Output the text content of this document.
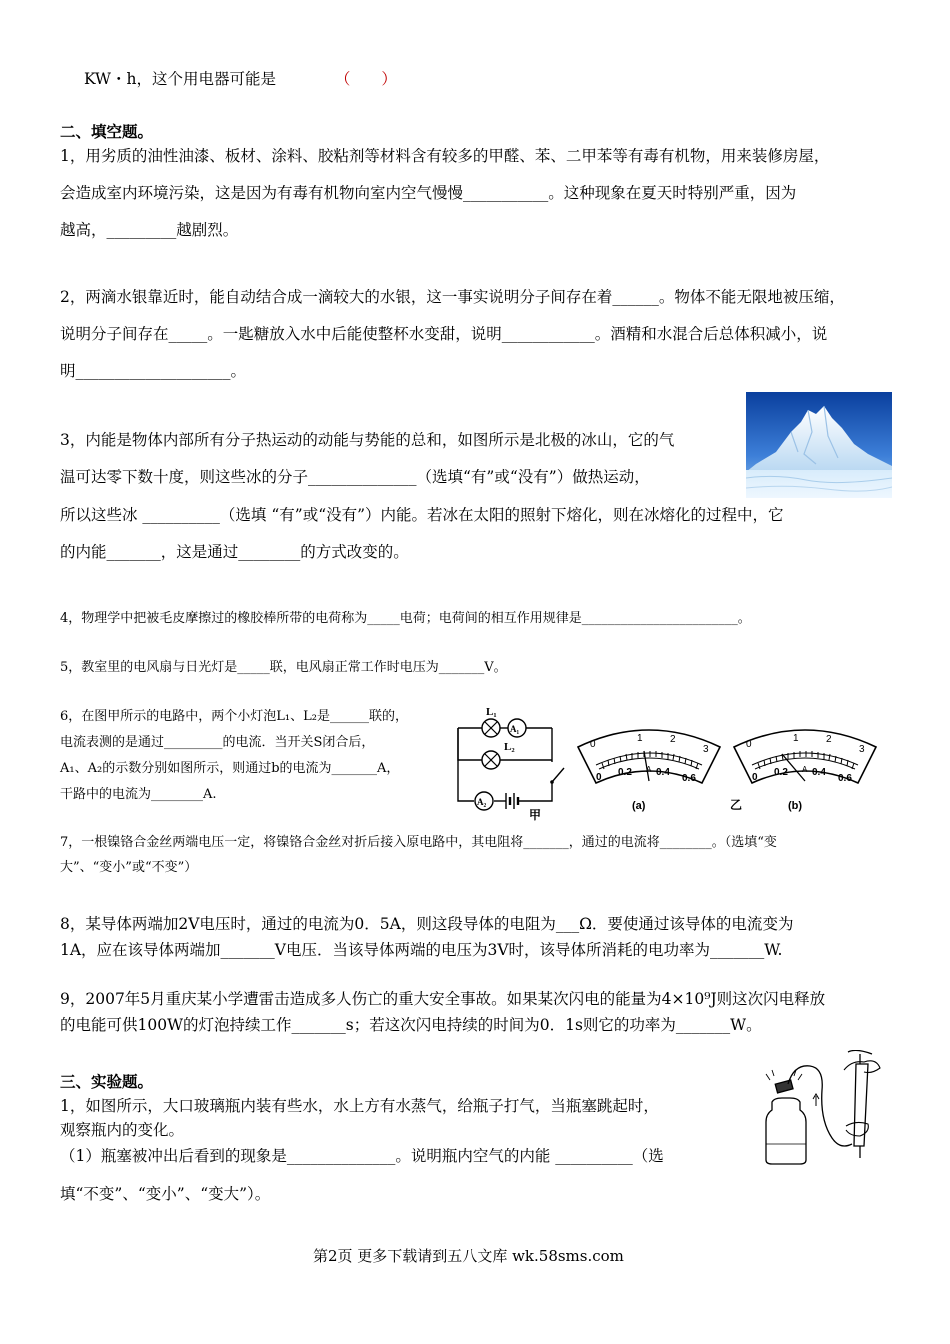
KW・h，这个用电器可能是	（　　）
二、填空题。
1，用劣质的油性油漆、板材、涂料、胶粘剂等材料含有较多的甲醛、苯、二甲苯等有毒有机物，用来装修房屋，
会造成室内环境污染，这是因为有毒有机物向室内空气慢慢___________。这种现象在夏天时特别严重，因为
越高，_________越剧烈。
2，两滴水银靠近时，能自动结合成一滴较大的水银，这一事实说明分子间存在着______。物体不能无限地被压缩，
说明分子间存在_____。一匙糖放入水中后能使整杯水变甜，说明____________。酒精和水混合后总体积减小，说
明____________________。
3，内能是物体内部所有分子热运动的动能与势能的总和，如图所示是北极的冰山，它的气
温可达零下数十度，则这些冰的分子______________（选填“有”或“没有”）做热运动，
所以这些冰 __________（选填 “有”或“没有”）内能。若冰在太阳的照射下熔化，则在冰熔化的过程中，它
的内能_______，这是通过________的方式改变的。
4，物理学中把被毛皮摩擦过的橡胶棒所带的电荷称为_____电荷；电荷间的相互作用规律是________________________。
5，教室里的电风扇与日光灯是_____联，电风扇正常工作时电压为_______V。
6，在图甲所示的电路中，两个小灯泡L₁、L₂是______联的，
电流表测的是通过_________的电流．当开关S闭合后，
A₁、A₂的示数分别如图所示，则通过b的电流为_______A，
干路中的电流为________A.
L₁
A₁
L₂
A₂
甲
0
1	2
3
0 0.2 0.4
0.6
A
(a)	乙
0
1	2
3
0 0.2 0.4
0.6
A
(b)
7，一根镍铬合金丝两端电压一定，将镍铬合金丝对折后接入原电路中，其电阻将_______，通过的电流将________。（选填“变
大”、“变小”或“不变”）
8，某导体两端加2V电压时，通过的电流为0．5A，则这段导体的电阻为___Ω．要使通过该导体的电流变为
1A，应在该导体两端加_______V电压．当该导体两端的电压为3V时，该导体所消耗的电功率为_______W.
9，2007年5月重庆某小学遭雷击造成多人伤亡的重大安全事故。如果某次闪电的能量为4×10⁹J则这次闪电释放
的电能可供100W的灯泡持续工作_______s；若这次闪电持续的时间为0．1s则它的功率为_______W。
三、实验题。
1，如图所示，大口玻璃瓶内装有些水，水上方有水蒸气，给瓶子打气，当瓶塞跳起时，
观察瓶内的变化。
（1）瓶塞被冲出后看到的现象是______________。说明瓶内空气的内能 __________（选
填“不变”、“变小”、“变大”）。
第2页 更多下载请到五八文库 wk.58sms.com
